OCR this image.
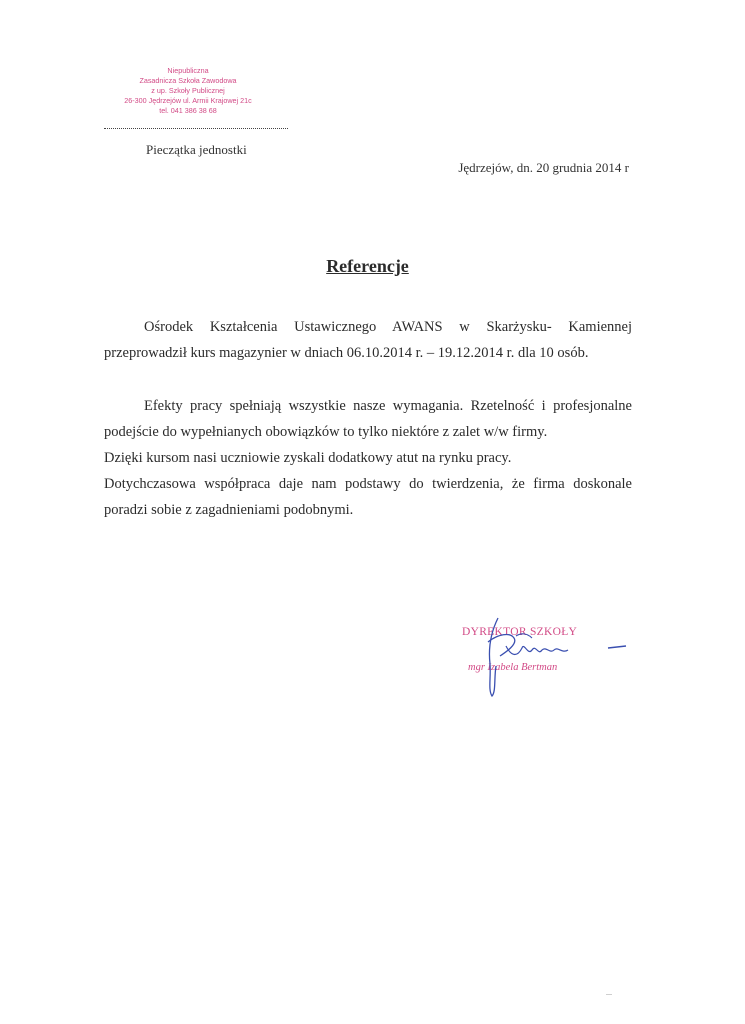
Niepubliczna
Zasadnicza Szkoła Zawodowa
z up. Szkoły Publicznej
26-300 Jędrzejów ul. Armii Krajowej 21c
tel. 041 386 38 68
Pieczątka jednostki
Jędrzejów, dn. 20 grudnia 2014 r
Referencje

Ośrodek Kształcenia Ustawicznego AWANS w Skarżysku- Kamiennej przeprowadził kurs magazynier w dniach 06.10.2014 r. – 19.12.2014 r. dla 10 osób.

Efekty pracy spełniają wszystkie nasze wymagania. Rzetelność i profesjonalne podejście do wypełnianych obowiązków to tylko niektóre z zalet w/w firmy.

Dzięki kursom nasi uczniowie zyskali dodatkowy atut na rynku pracy.

Dotychczasowa współpraca daje nam podstawy do twierdzenia, że firma doskonale poradzi sobie z zagadnieniami podobnymi.

DYREKTOR SZKOŁY
mgr Izabela Bertman
